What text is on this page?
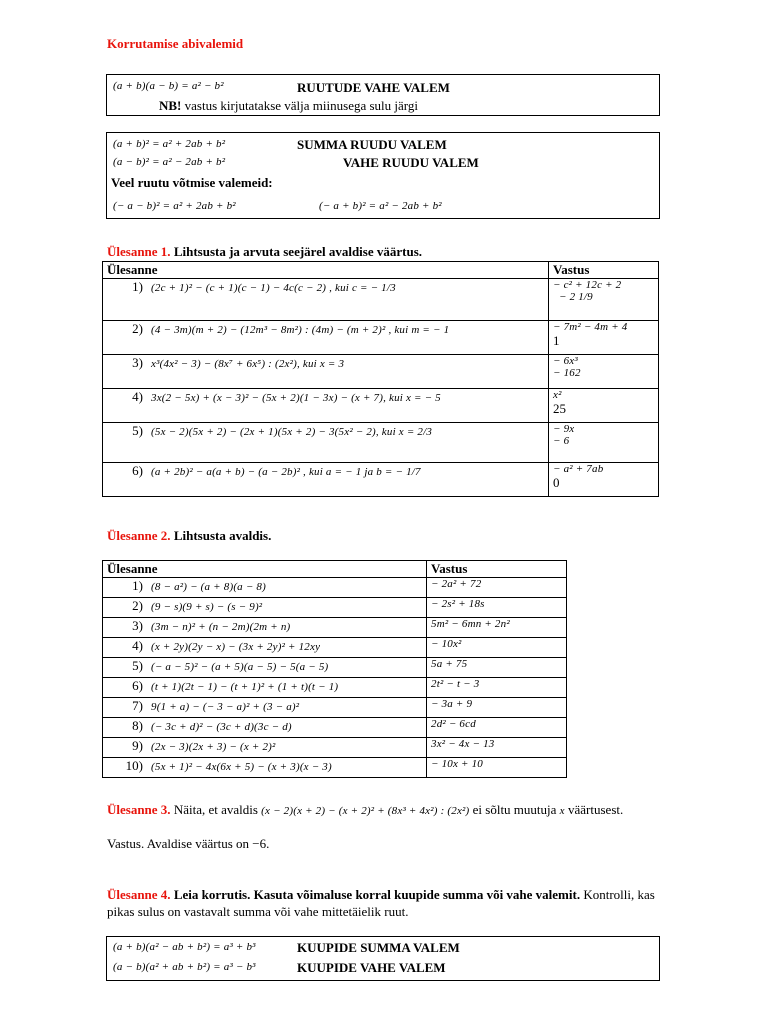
Korrutamise abivalemid
(a + b)(a − b) = a² − b²	RUUTUDE VAHE VALEM
NB! vastus kirjutatakse välja miinusega sulu järgi
(a + b)² = a² + 2ab + b²	SUMMA RUUDU VALEM
(a − b)² = a² − 2ab + b²	VAHE RUUDU VALEM
Veel ruutu võtmise valemeid:
(− a − b)² = a² + 2ab + b²	(− a + b)² = a² − 2ab + b²
Ülesanne 1. Lihtsusta ja arvuta seejärel avaldise väärtus.
Ülesanne	Vastus
1) (2c + 1)² − (c + 1)(c − 1) − 4c(c − 2) , kui c = − 1/3	− c² + 12c + 2
− 2 1/9

2) (4 − 3m)(m + 2) − (12m³ − 8m²) : (4m) − (m + 2)² , kui m = − 1	− 7m² − 4m + 4
1

3) x³(4x² − 3) − (8x⁷ + 6x⁵) : (2x²), kui x = 3	− 6x³
− 162

4) 3x(2 − 5x) + (x − 3)² − (5x + 2)(1 − 3x) − (x + 7), kui x = − 5	x²
25

5) (5x − 2)(5x + 2) − (2x + 1)(5x + 2) − 3(5x² − 2), kui x = 2/3	− 9x
− 6

6) (a + 2b)² − a(a + b) − (a − 2b)² , kui a = − 1 ja b = − 1/7	− a² + 7ab
0
Ülesanne 2. Lihtsusta avaldis.
Ülesanne	Vastus
1) (8 − a²) − (a + 8)(a − 8)	− 2a² + 72
2) (9 − s)(9 + s) − (s − 9)²	− 2s² + 18s
3) (3m − n)² + (n − 2m)(2m + n)	5m² − 6mn + 2n²
4) (x + 2y)(2y − x) − (3x + 2y)² + 12xy	− 10x²
5) (− a − 5)² − (a + 5)(a − 5) − 5(a − 5)	5a + 75
6) (t + 1)(2t − 1) − (t + 1)² + (1 + t)(t − 1)	2t² − t − 3
7) 9(1 + a) − (− 3 − a)² + (3 − a)²	− 3a + 9
8) (− 3c + d)² − (3c + d)(3c − d)	2d² − 6cd
9) (2x − 3)(2x + 3) − (x + 2)²	3x² − 4x − 13
10) (5x + 1)² − 4x(6x + 5) − (x + 3)(x − 3)	− 10x + 10
Ülesanne 3. Näita, et avaldis (x − 2)(x + 2) − (x + 2)² + (8x³ + 4x²) : (2x²) ei sõltu muutuja x väärtusest.
Vastus. Avaldise väärtus on −6.
Ülesanne 4. Leia korrutis. Kasuta võimaluse korral kuupide summa või vahe valemit. Kontrolli, kas pikas sulus on vastavalt summa või vahe mittetäielik ruut.
(a + b)(a² − ab + b²) = a³ + b³	KUUPIDE SUMMA VALEM
(a − b)(a² + ab + b²) = a³ − b³	KUUPIDE VAHE VALEM
